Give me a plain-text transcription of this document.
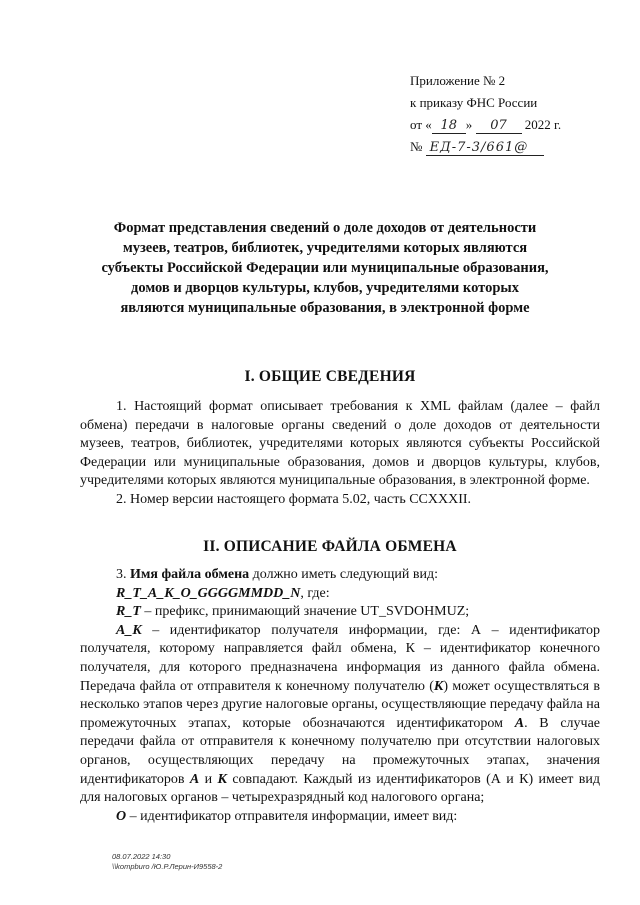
Приложение № 2
к приказу ФНС России
от « 18 » 07 2022 г.
№ ЕД-7-3/661@
Формат представления сведений о доле доходов от деятельности музеев, театров, библиотек, учредителями которых являются субъекты Российской Федерации или муниципальные образования, домов и дворцов культуры, клубов, учредителями которых являются муниципальные образования, в электронной форме
I. ОБЩИЕ СВЕДЕНИЯ

1. Настоящий формат описывает требования к XML файлам (далее – файл обмена) передачи в налоговые органы сведений о доле доходов от деятельности музеев, театров, библиотек, учредителями которых являются субъекты Российской Федерации или муниципальные образования, домов и дворцов культуры, клубов, учредителями которых являются муниципальные образования, в электронной форме.

2. Номер версии настоящего формата 5.02, часть CCXXXII.

II. ОПИСАНИЕ ФАЙЛА ОБМЕНА

3. Имя файла обмена должно иметь следующий вид:

R_T_A_K_O_GGGGMMDD_N, где:

R_T – префикс, принимающий значение UT_SVDOHMUZ;

A_K – идентификатор получателя информации, где: А – идентификатор получателя, которому направляется файл обмена, К – идентификатор конечного получателя, для которого предназначена информация из данного файла обмена. Передача файла от отправителя к конечному получателю (К) может осуществляться в несколько этапов через другие налоговые органы, осуществляющие передачу файла на промежуточных этапах, которые обозначаются идентификатором А. В случае передачи файла от отправителя к конечному получателю при отсутствии налоговых органов, осуществляющих передачу на промежуточных этапах, значения идентификаторов А и К совпадают. Каждый из идентификаторов (А и К) имеет вид для налоговых органов – четырехразрядный код налогового органа;

O – идентификатор отправителя информации, имеет вид:

08.07.2022 14:30
\\kompburo /Ю.Р.Лерин-И9558-2
